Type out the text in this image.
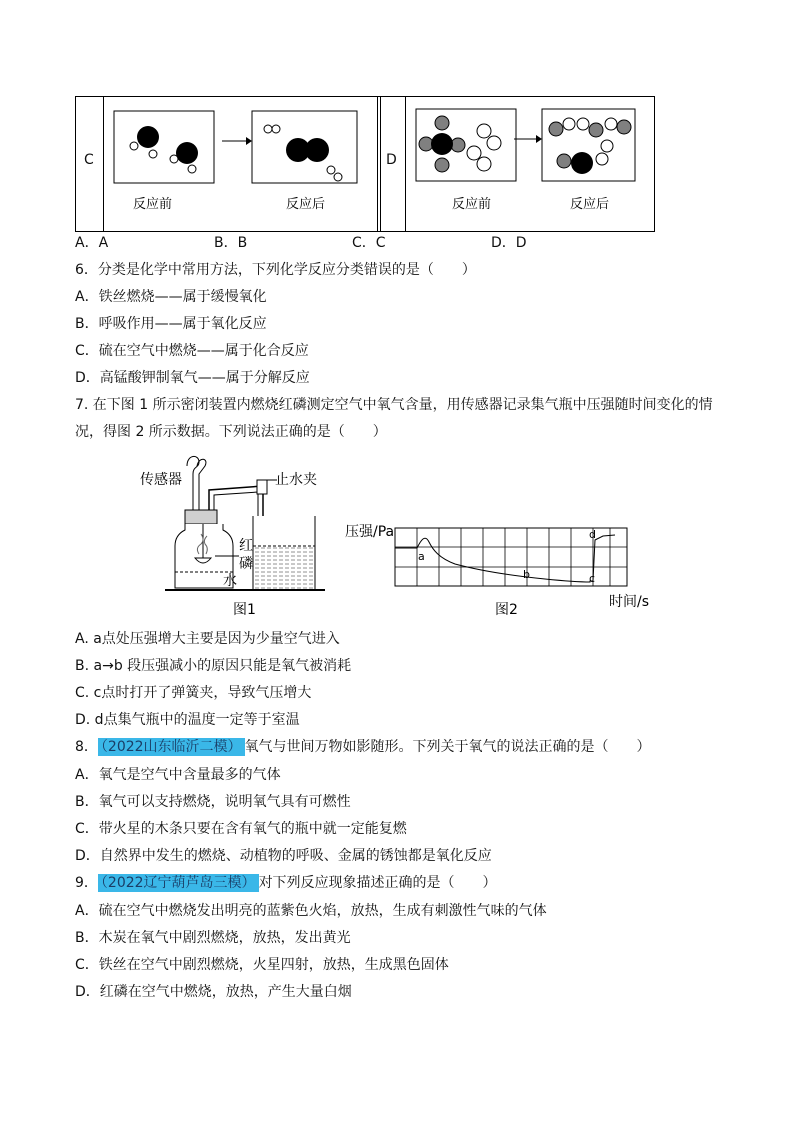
C	D
反应前	反应后	反应前	反应后
A．A	B．B	C．C	D．D
6．分类是化学中常用方法，下列化学反应分类错误的是（　　）
A．铁丝燃烧——属于缓慢氧化
B．呼吸作用——属于氧化反应
C．硫在空气中燃烧——属于化合反应
D．高锰酸钾制氧气——属于分解反应
7. 在下图 1 所示密闭装置内燃烧红磷测定空气中氧气含量，用传感器记录集气瓶中压强随时间变化的情
况，得图 2 所示数据。下列说法正确的是（　　）
传感器
红
磷
止水夹
水
图1
压强/Pa
a
b	c
d
时间/s
图2
A. a点处压强增大主要是因为少量空气进入
B. a→b 段压强减小的原因只能是氧气被消耗
C. c点时打开了弹簧夹，导致气压增大
D. d点集气瓶中的温度一定等于室温
8． （2022山东临沂二模） 氧气与世间万物如影随形。下列关于氧气的说法正确的是（　　）
A．氧气是空气中含量最多的气体
B．氧气可以支持燃烧，说明氧气具有可燃性
C．带火星的木条只要在含有氧气的瓶中就一定能复燃
D．自然界中发生的燃烧、动植物的呼吸、金属的锈蚀都是氧化反应
9． （2022辽宁葫芦岛三模） 对下列反应现象描述正确的是（　　）
A．硫在空气中燃烧发出明亮的蓝紫色火焰，放热，生成有刺激性气味的气体
B．木炭在氧气中剧烈燃烧，放热，发出黄光
C．铁丝在空气中剧烈燃烧，火星四射，放热，生成黑色固体
D．红磷在空气中燃烧，放热，产生大量白烟
